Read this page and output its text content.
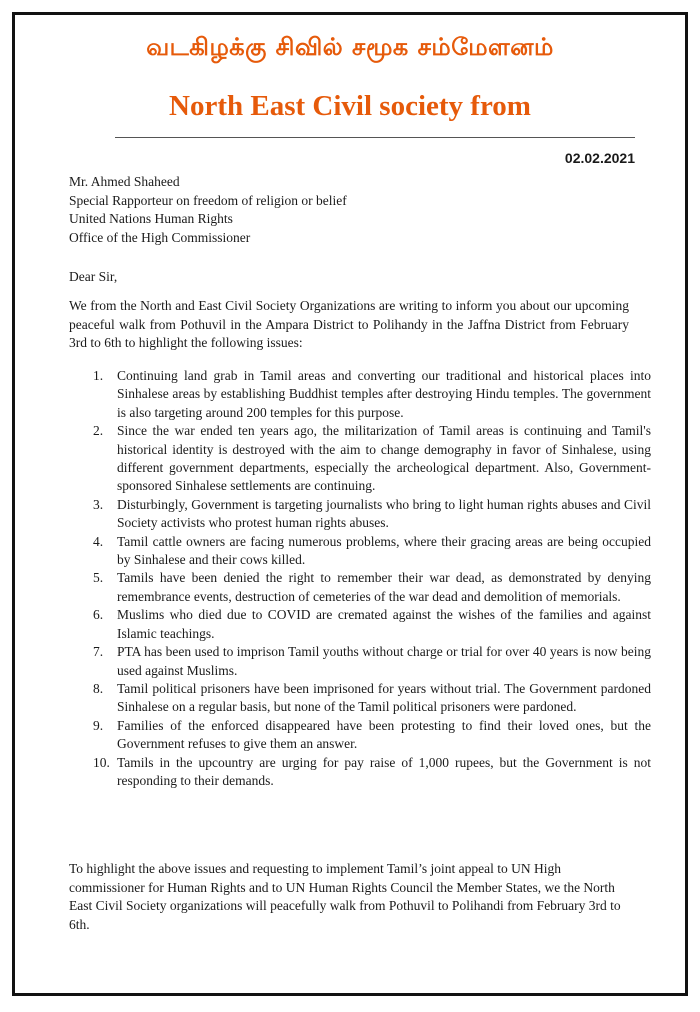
வடகிழக்கு சிவில் சமூக சம்மேளனம்
North East Civil society from
02.02.2021
Mr. Ahmed Shaheed
Special Rapporteur on freedom of religion or belief
United Nations Human Rights
Office of the High Commissioner
Dear Sir,
We from the North and East Civil Society Organizations are writing to inform you about our upcoming peaceful walk from Pothuvil in the Ampara District to Polihandy in the Jaffna District from February 3rd to 6th to highlight the following issues:
1. Continuing land grab in Tamil areas and converting our traditional and historical places into Sinhalese areas by establishing Buddhist temples after destroying Hindu temples. The government is also targeting around 200 temples for this purpose.
2. Since the war ended ten years ago, the militarization of Tamil areas is continuing and Tamil's historical identity is destroyed with the aim to change demography in favor of Sinhalese, using different government departments, especially the archeological department. Also, Government-sponsored Sinhalese settlements are continuing.
3. Disturbingly, Government is targeting journalists who bring to light human rights abuses and Civil Society activists who protest human rights abuses.
4. Tamil cattle owners are facing numerous problems, where their gracing areas are being occupied by Sinhalese and their cows killed.
5. Tamils have been denied the right to remember their war dead, as demonstrated by denying remembrance events, destruction of cemeteries of the war dead and demolition of memorials.
6. Muslims who died due to COVID are cremated against the wishes of the families and against Islamic teachings.
7. PTA has been used to imprison Tamil youths without charge or trial for over 40 years is now being used against Muslims.
8. Tamil political prisoners have been imprisoned for years without trial. The Government pardoned Sinhalese on a regular basis, but none of the Tamil political prisoners were pardoned.
9. Families of the enforced disappeared have been protesting to find their loved ones, but the Government refuses to give them an answer.
10. Tamils in the upcountry are urging for pay raise of 1,000 rupees, but the Government is not responding to their demands.
To highlight the above issues and requesting to implement Tamil’s joint appeal to UN High commissioner for Human Rights and to UN Human Rights Council the Member States, we the North East Civil Society organizations will peacefully walk from Pothuvil to Polihandi from February 3rd to 6th.
